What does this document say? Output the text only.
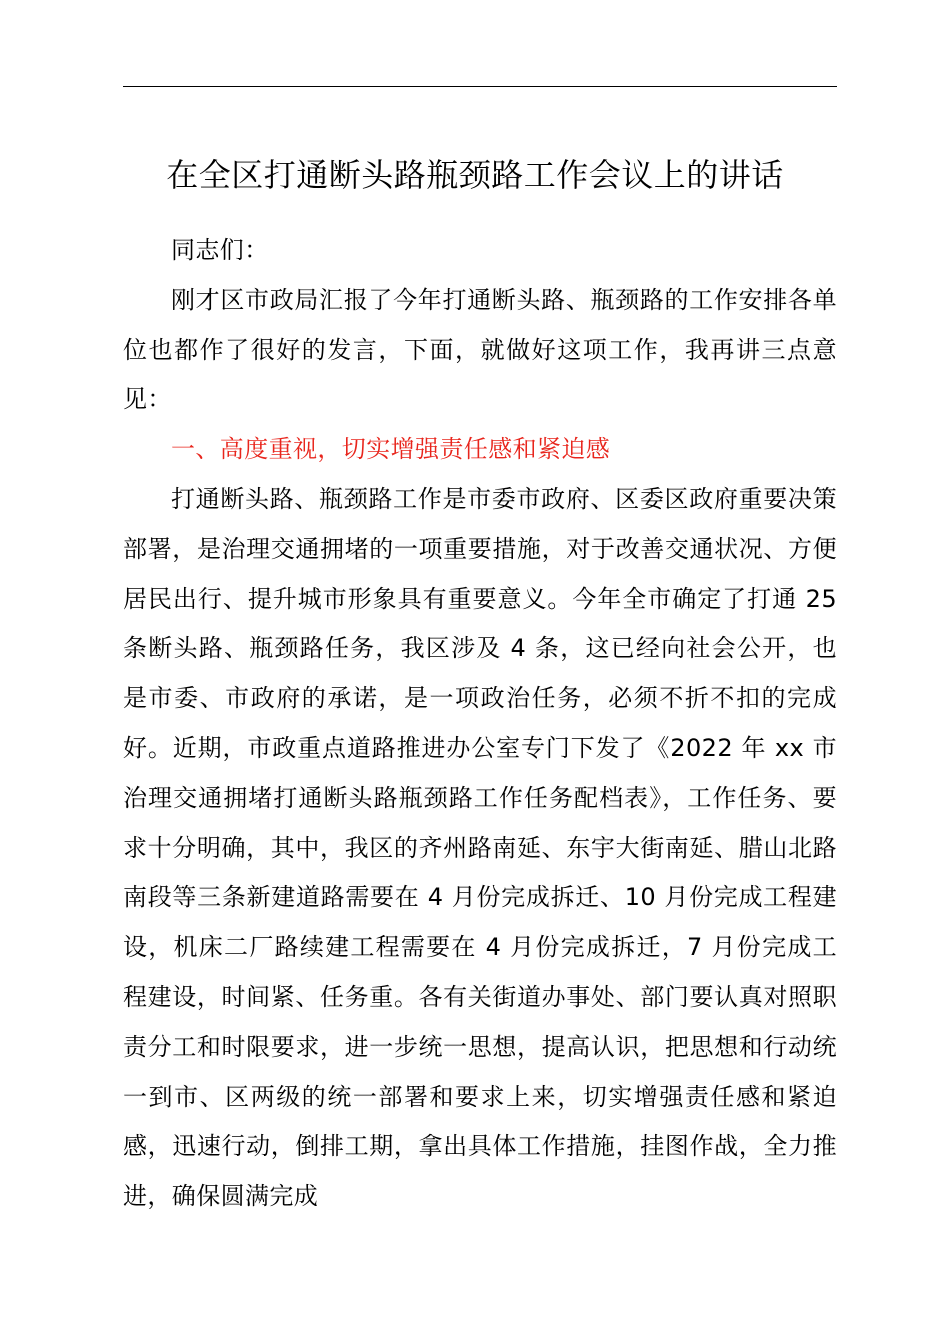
在全区打通断头路瓶颈路工作会议上的讲话

同志们：

刚才区市政局汇报了今年打通断头路、瓶颈路的工作安排各单位也都作了很好的发言，下面，就做好这项工作，我再讲三点意见：

一、高度重视，切实增强责任感和紧迫感

打通断头路、瓶颈路工作是市委市政府、区委区政府重要决策部署，是治理交通拥堵的一项重要措施，对于改善交通状况、方便居民出行、提升城市形象具有重要意义。今年全市确定了打通 25 条断头路、瓶颈路任务，我区涉及 4 条，这已经向社会公开，也是市委、市政府的承诺，是一项政治任务，必须不折不扣的完成好。近期，市政重点道路推进办公室专门下发了《2022 年 xx 市治理交通拥堵打通断头路瓶颈路工作任务配档表》，工作任务、要求十分明确，其中，我区的齐州路南延、东宇大街南延、腊山北路南段等三条新建道路需要在 4 月份完成拆迁、10 月份完成工程建设，机床二厂路续建工程需要在 4 月份完成拆迁，7 月份完成工程建设，时间紧、任务重。各有关街道办事处、部门要认真对照职责分工和时限要求，进一步统一思想，提高认识，把思想和行动统一到市、区两级的统一部署和要求上来，切实增强责任感和紧迫感，迅速行动，倒排工期，拿出具体工作措施，挂图作战，全力推进，确保圆满完成
